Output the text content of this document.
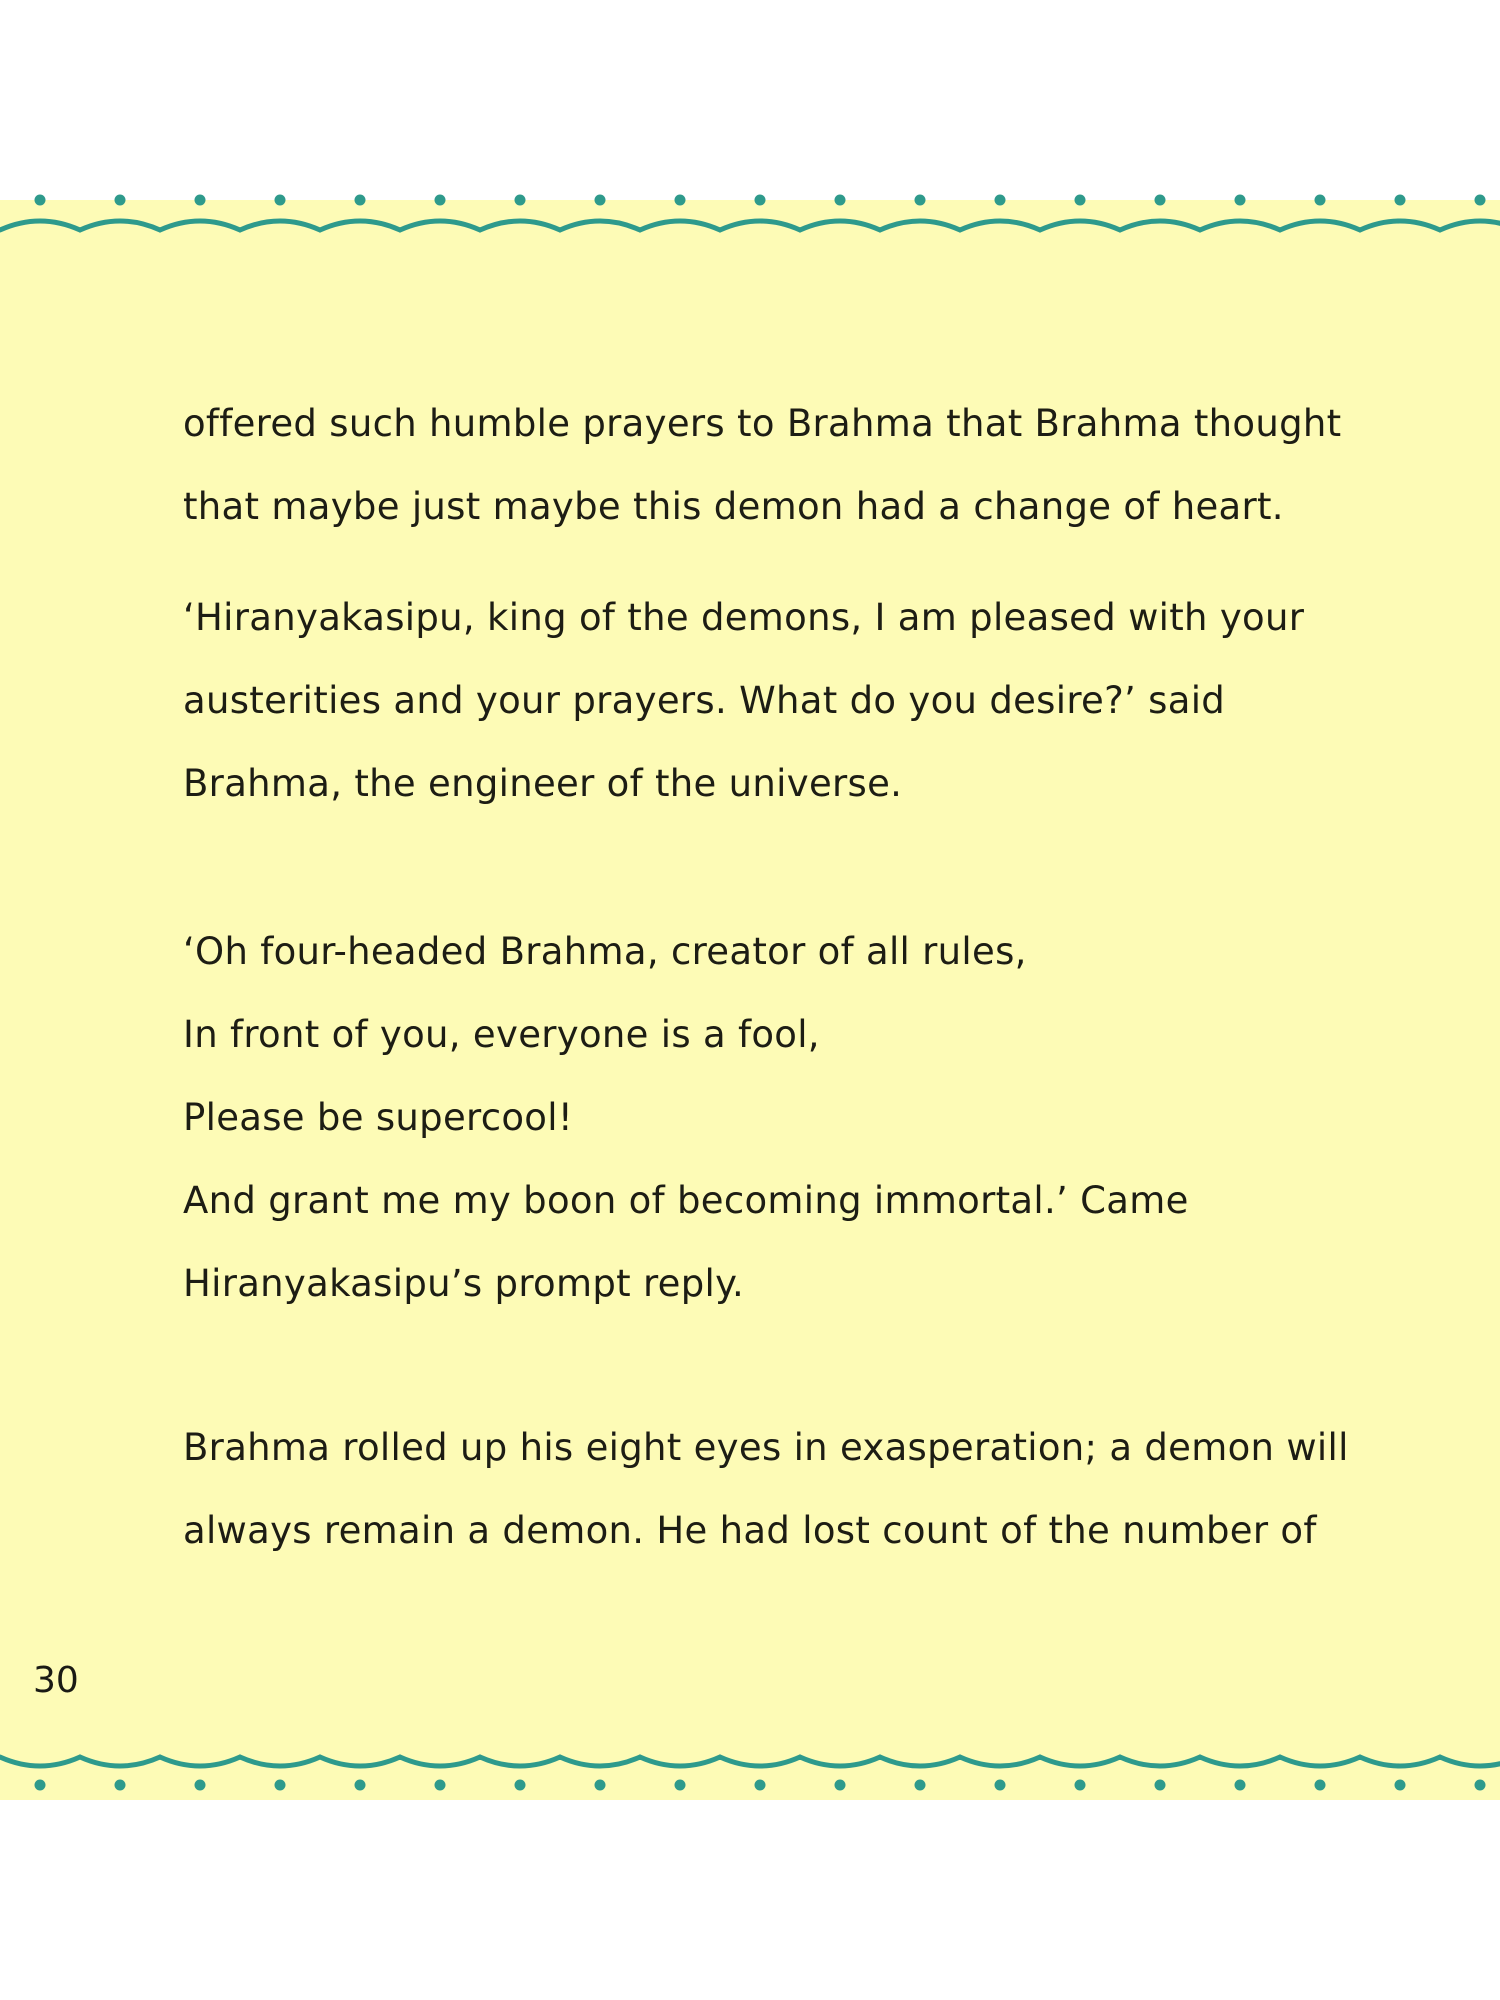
offered such humble prayers to Brahma that Brahma thought
that maybe just maybe this demon had a change of heart.
‘Hiranyakasipu, king of the demons, I am pleased with your
austerities and your prayers. What do you desire?’ said
Brahma, the engineer of the universe.
‘Oh four-headed Brahma, creator of all rules,
In front of you, everyone is a fool,
Please be supercool!
And grant me my boon of becoming immortal.’ Came
Hiranyakasipu’s prompt reply.
Brahma rolled up his eight eyes in exasperation; a demon will
always remain a demon. He had lost count of the number of
30
